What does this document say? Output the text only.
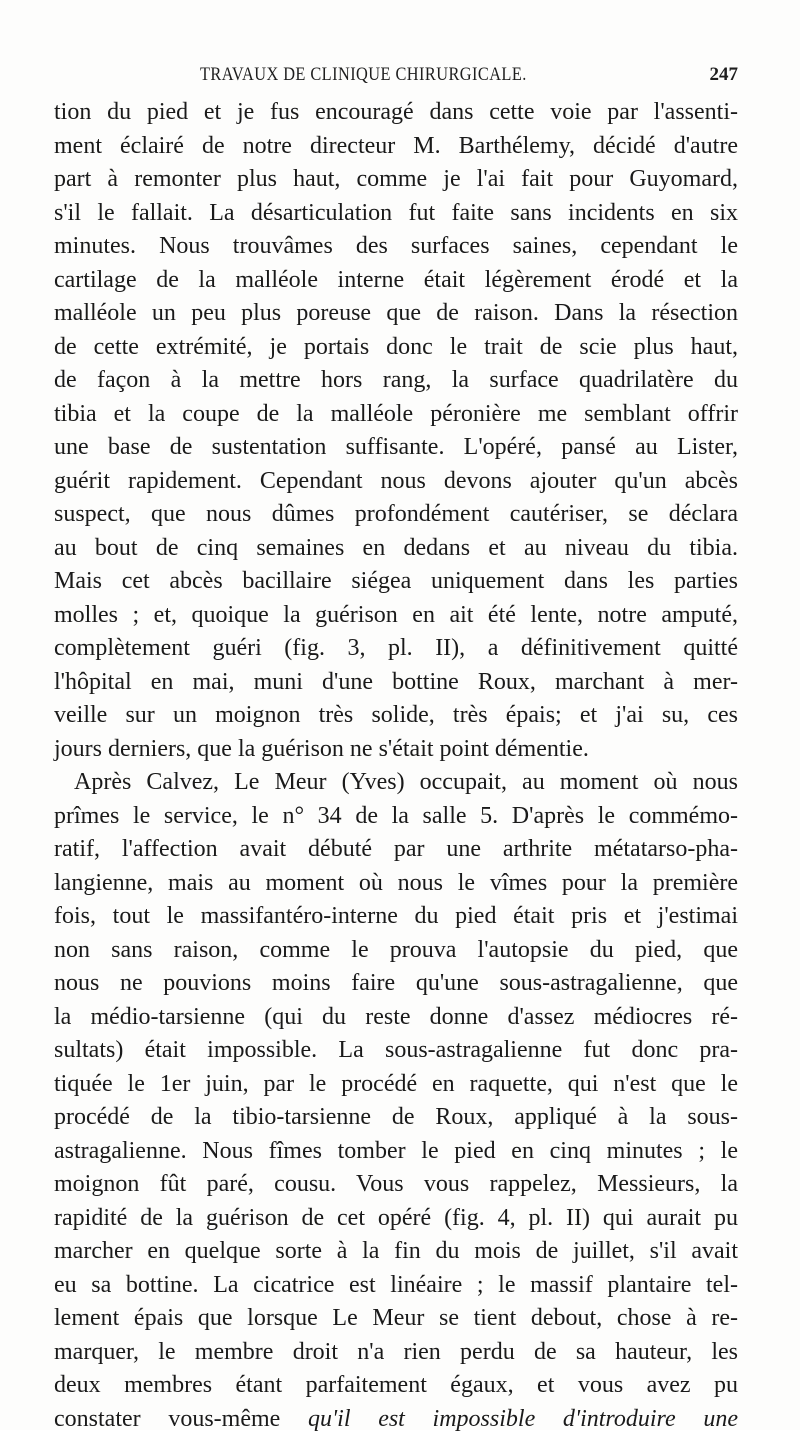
TRAVAUX DE CLINIQUE CHIRURGICALE.	247
tion du pied et je fus encouragé dans cette voie par l'assenti-
ment éclairé de notre directeur M. Barthélemy, décidé d'autre
part à remonter plus haut, comme je l'ai fait pour Guyomard,
s'il le fallait. La désarticulation fut faite sans incidents en six
minutes. Nous trouvâmes des surfaces saines, cependant le
cartilage de la malléole interne était légèrement érodé et la
malléole un peu plus poreuse que de raison. Dans la résection
de cette extrémité, je portais donc le trait de scie plus haut,
de façon à la mettre hors rang, la surface quadrilatère du
tibia et la coupe de la malléole péronière me semblant offrir
une base de sustentation suffisante. L'opéré, pansé au Lister,
guérit rapidement. Cependant nous devons ajouter qu'un abcès
suspect, que nous dûmes profondément cautériser, se déclara
au bout de cinq semaines en dedans et au niveau du tibia.
Mais cet abcès bacillaire siégea uniquement dans les parties
molles ; et, quoique la guérison en ait été lente, notre amputé,
complètement guéri (fig. 3, pl. II), a définitivement quitté
l'hôpital en mai, muni d'une bottine Roux, marchant à mer-
veille sur un moignon très solide, très épais; et j'ai su, ces
jours derniers, que la guérison ne s'était point démentie.
Après Calvez, Le Meur (Yves) occupait, au moment où nous
prîmes le service, le n° 34 de la salle 5. D'après le commémo-
ratif, l'affection avait débuté par une arthrite métatarso-pha-
langienne, mais au moment où nous le vîmes pour la première
fois, tout le massifantéro-interne du pied était pris et j'estimai
non sans raison, comme le prouva l'autopsie du pied, que
nous ne pouvions moins faire qu'une sous-astragalienne, que
la médio-tarsienne (qui du reste donne d'assez médiocres ré-
sultats) était impossible. La sous-astragalienne fut donc pra-
tiquée le 1er juin, par le procédé en raquette, qui n'est que le
procédé de la tibio-tarsienne de Roux, appliqué à la sous-
astragalienne. Nous fîmes tomber le pied en cinq minutes ; le
moignon fût paré, cousu. Vous vous rappelez, Messieurs, la
rapidité de la guérison de cet opéré (fig. 4, pl. II) qui aurait pu
marcher en quelque sorte à la fin du mois de juillet, s'il avait
eu sa bottine. La cicatrice est linéaire ; le massif plantaire tel-
lement épais que lorsque Le Meur se tient debout, chose à re-
marquer, le membre droit n'a rien perdu de sa hauteur, les
deux membres étant parfaitement égaux, et vous avez pu
constater vous-même qu'il est impossible d'introduire une
